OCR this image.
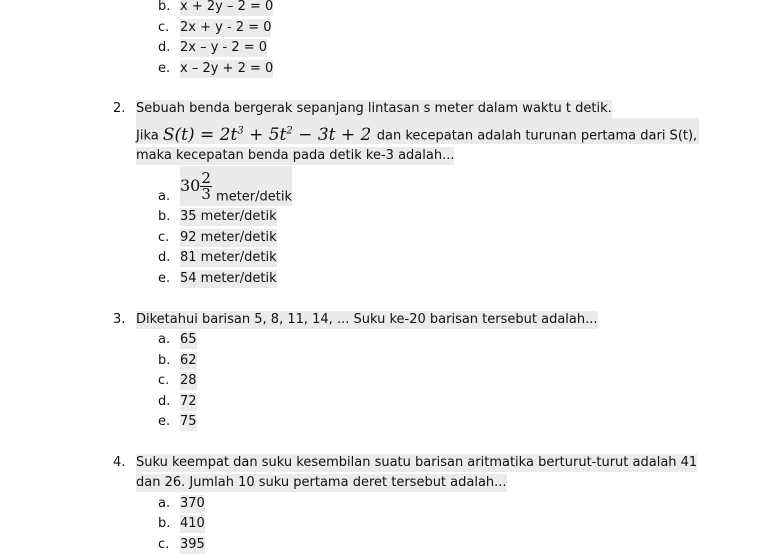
b. x + 2y – 2 = 0
c. 2x + y - 2 = 0
d. 2x – y - 2 = 0
e. x – 2y + 2 = 0
2. Sebuah benda bergerak sepanjang lintasan s meter dalam waktu t detik.
Jika $S(t) = 2t^3 + 5t^2 - 3t + 2$ dan kecepatan adalah turunan pertama dari S(t),
maka kecepatan benda pada detik ke-3 adalah...
a.
$30 \frac{2}{3}$ meter/detik
b. 35 meter/detik
c. 92 meter/detik
d. 81 meter/detik
e. 54 meter/detik
3. Diketahui barisan 5, 8, 11, 14, ... Suku ke-20 barisan tersebut adalah...
a. 65
b. 62
c. 28
d. 72
e. 75
4. Suku keempat dan suku kesembilan suatu barisan aritmatika berturut-turut adalah 41
dan 26. Jumlah 10 suku pertama deret tersebut adalah...
a. 370
b. 410
c. 395
